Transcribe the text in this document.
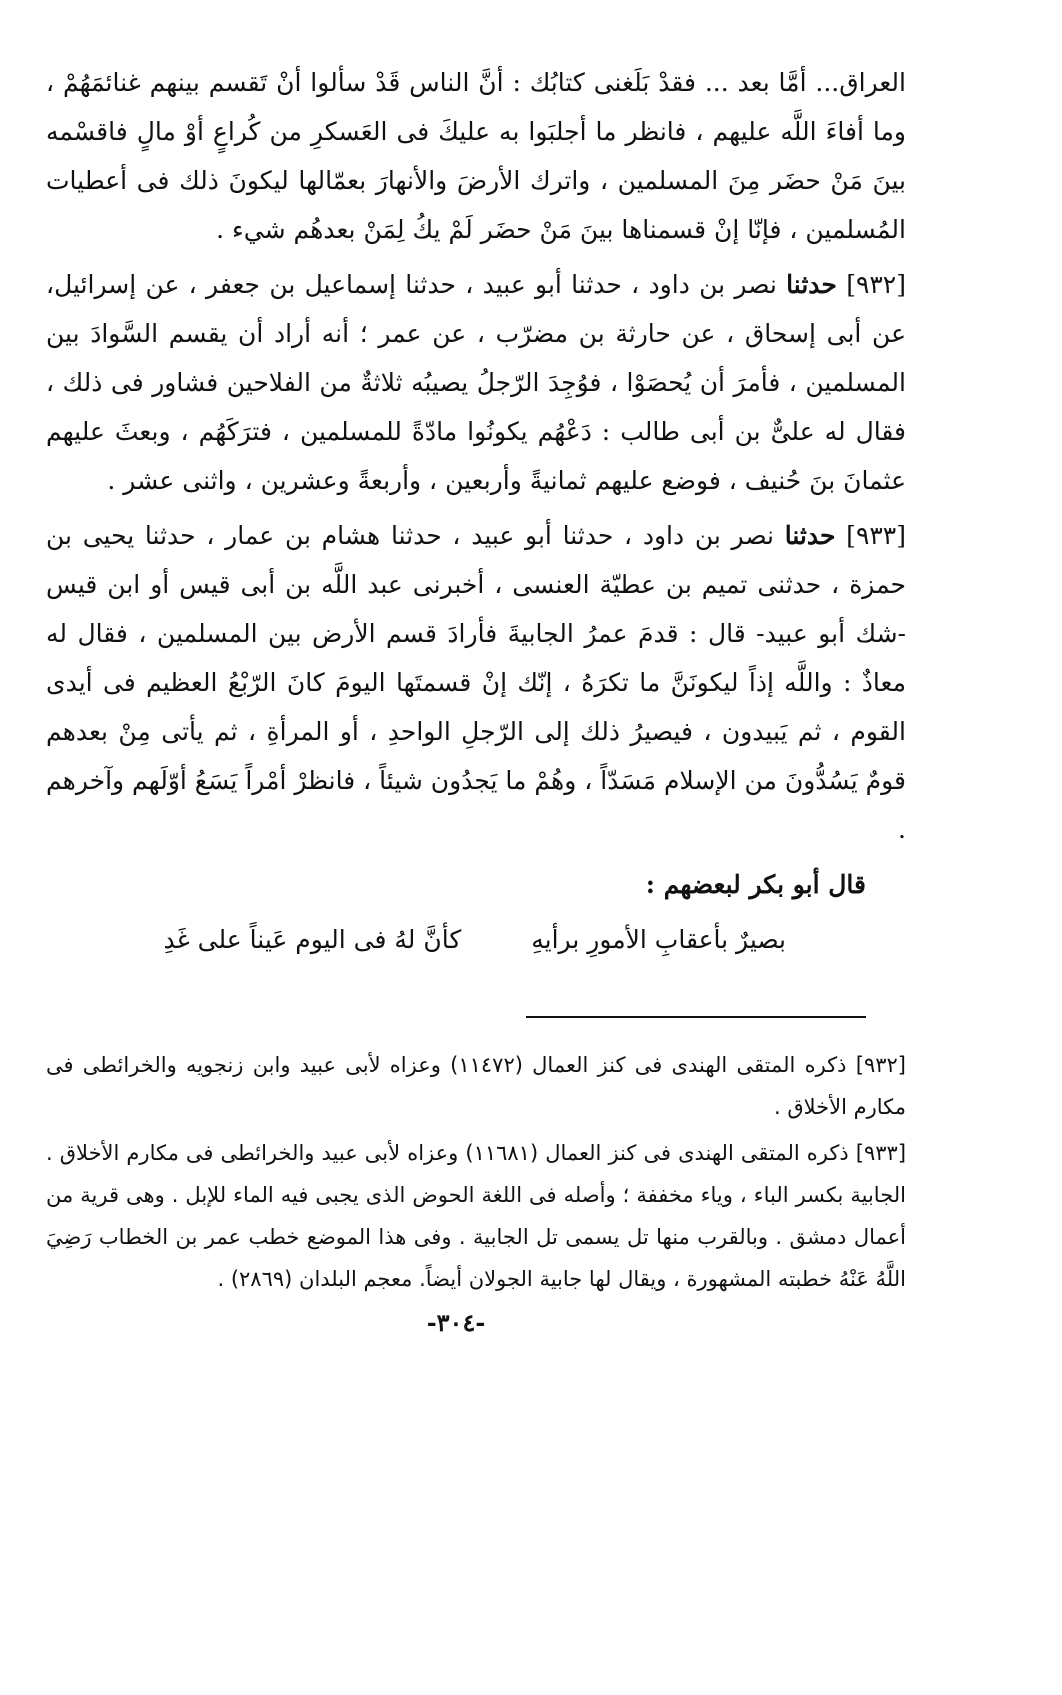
العراق... أمَّا بعد ... فقدْ بَلَغنى كتابُك : أنَّ الناس قَدْ سألوا أنْ تَقسم بينهم غنائمَهُمْ ، وما أفاءَ اللَّه عليهم ، فانظر ما أجلبَوا به عليكَ فى العَسكرِ من كُراعٍ أوْ مالٍ فاقسْمه بينَ مَنْ حضَر مِنَ المسلمين ، واترك الأرضَ والأنهارَ بعمّالها ليكونَ ذلك فى أعطيات المُسلمين ، فإنّا إنْ قسمناها بينَ مَنْ حضَر لَمْ يكُ لِمَنْ بعدهُم شيء .

[٩٣٢] حدثنا نصر بن داود ، حدثنا أبو عبيد ، حدثنا إسماعيل بن جعفر ، عن إسرائيل، عن أبى إسحاق ، عن حارثة بن مضرّب ، عن عمر ؛ أنه أراد أن يقسم السَّوادَ بين المسلمين ، فأمرَ أن يُحصَوْا ، فوُجِدَ الرّجلُ يصيبُه ثلاثةٌ من الفلاحين فشاور فى ذلك ، فقال له علىٌّ بن أبى طالب : دَعْهُم يكونُوا مادّةً للمسلمين ، فترَكَهُم ، وبعثَ عليهم عثمانَ بنَ حُنيف ، فوضع عليهم ثمانيةً وأربعين ، وأربعةً وعشرين ، واثنى عشر .

[٩٣٣] حدثنا نصر بن داود ، حدثنا أبو عبيد ، حدثنا هشام بن عمار ، حدثنا يحيى بن حمزة ، حدثنى تميم بن عطيّة العنسى ، أخبرنى عبد اللَّه بن أبى قيس أو ابن قيس -شك أبو عبيد- قال : قدمَ عمرُ الجابيةَ فأرادَ قسم الأرض بين المسلمين ، فقال له معاذٌ : واللَّه إذاً ليكونَنَّ ما تكرَهُ ، إنّك إنْ قسمتَها اليومَ كانَ الرّبْعُ العظيم فى أيدى القوم ، ثم يَبيدون ، فيصيرُ ذلك إلى الرّجلِ الواحدِ ، أو المرأةِ ، ثم يأتى مِنْ بعدهم قومٌ يَسُدُّونَ من الإسلام مَسَدّاً ، وهُمْ ما يَجدُون شيئاً ، فانظرْ أمْراً يَسَعُ أوّلَهم وآخرهم .

قال أبو بكر لبعضهم :
بصيرٌ بأعقابِ الأمورِ برأيهِ
كأنَّ لهُ فى اليوم عَيناً على غَدِ

[٩٣٢] ذكره المتقى الهندى فى كنز العمال (١١٤٧٢) وعزاه لأبى عبيد وابن زنجويه والخرائطى فى مكارم الأخلاق .

[٩٣٣] ذكره المتقى الهندى فى كنز العمال (١١٦٨١) وعزاه لأبى عبيد والخرائطى فى مكارم الأخلاق . الجابية بكسر الباء ، وياء مخففة ؛ وأصله فى اللغة الحوض الذى يجبى فيه الماء للإبل . وهى قرية من أعمال دمشق . وبالقرب منها تل يسمى تل الجابية . وفى هذا الموضع خطب عمر بن الخطاب رَضِيَ اللَّهُ عَنْهُ خطبته المشهورة ، ويقال لها جابية الجولان أيضاً. معجم البلدان (٢٨٦٩) .

-٣٠٤-
